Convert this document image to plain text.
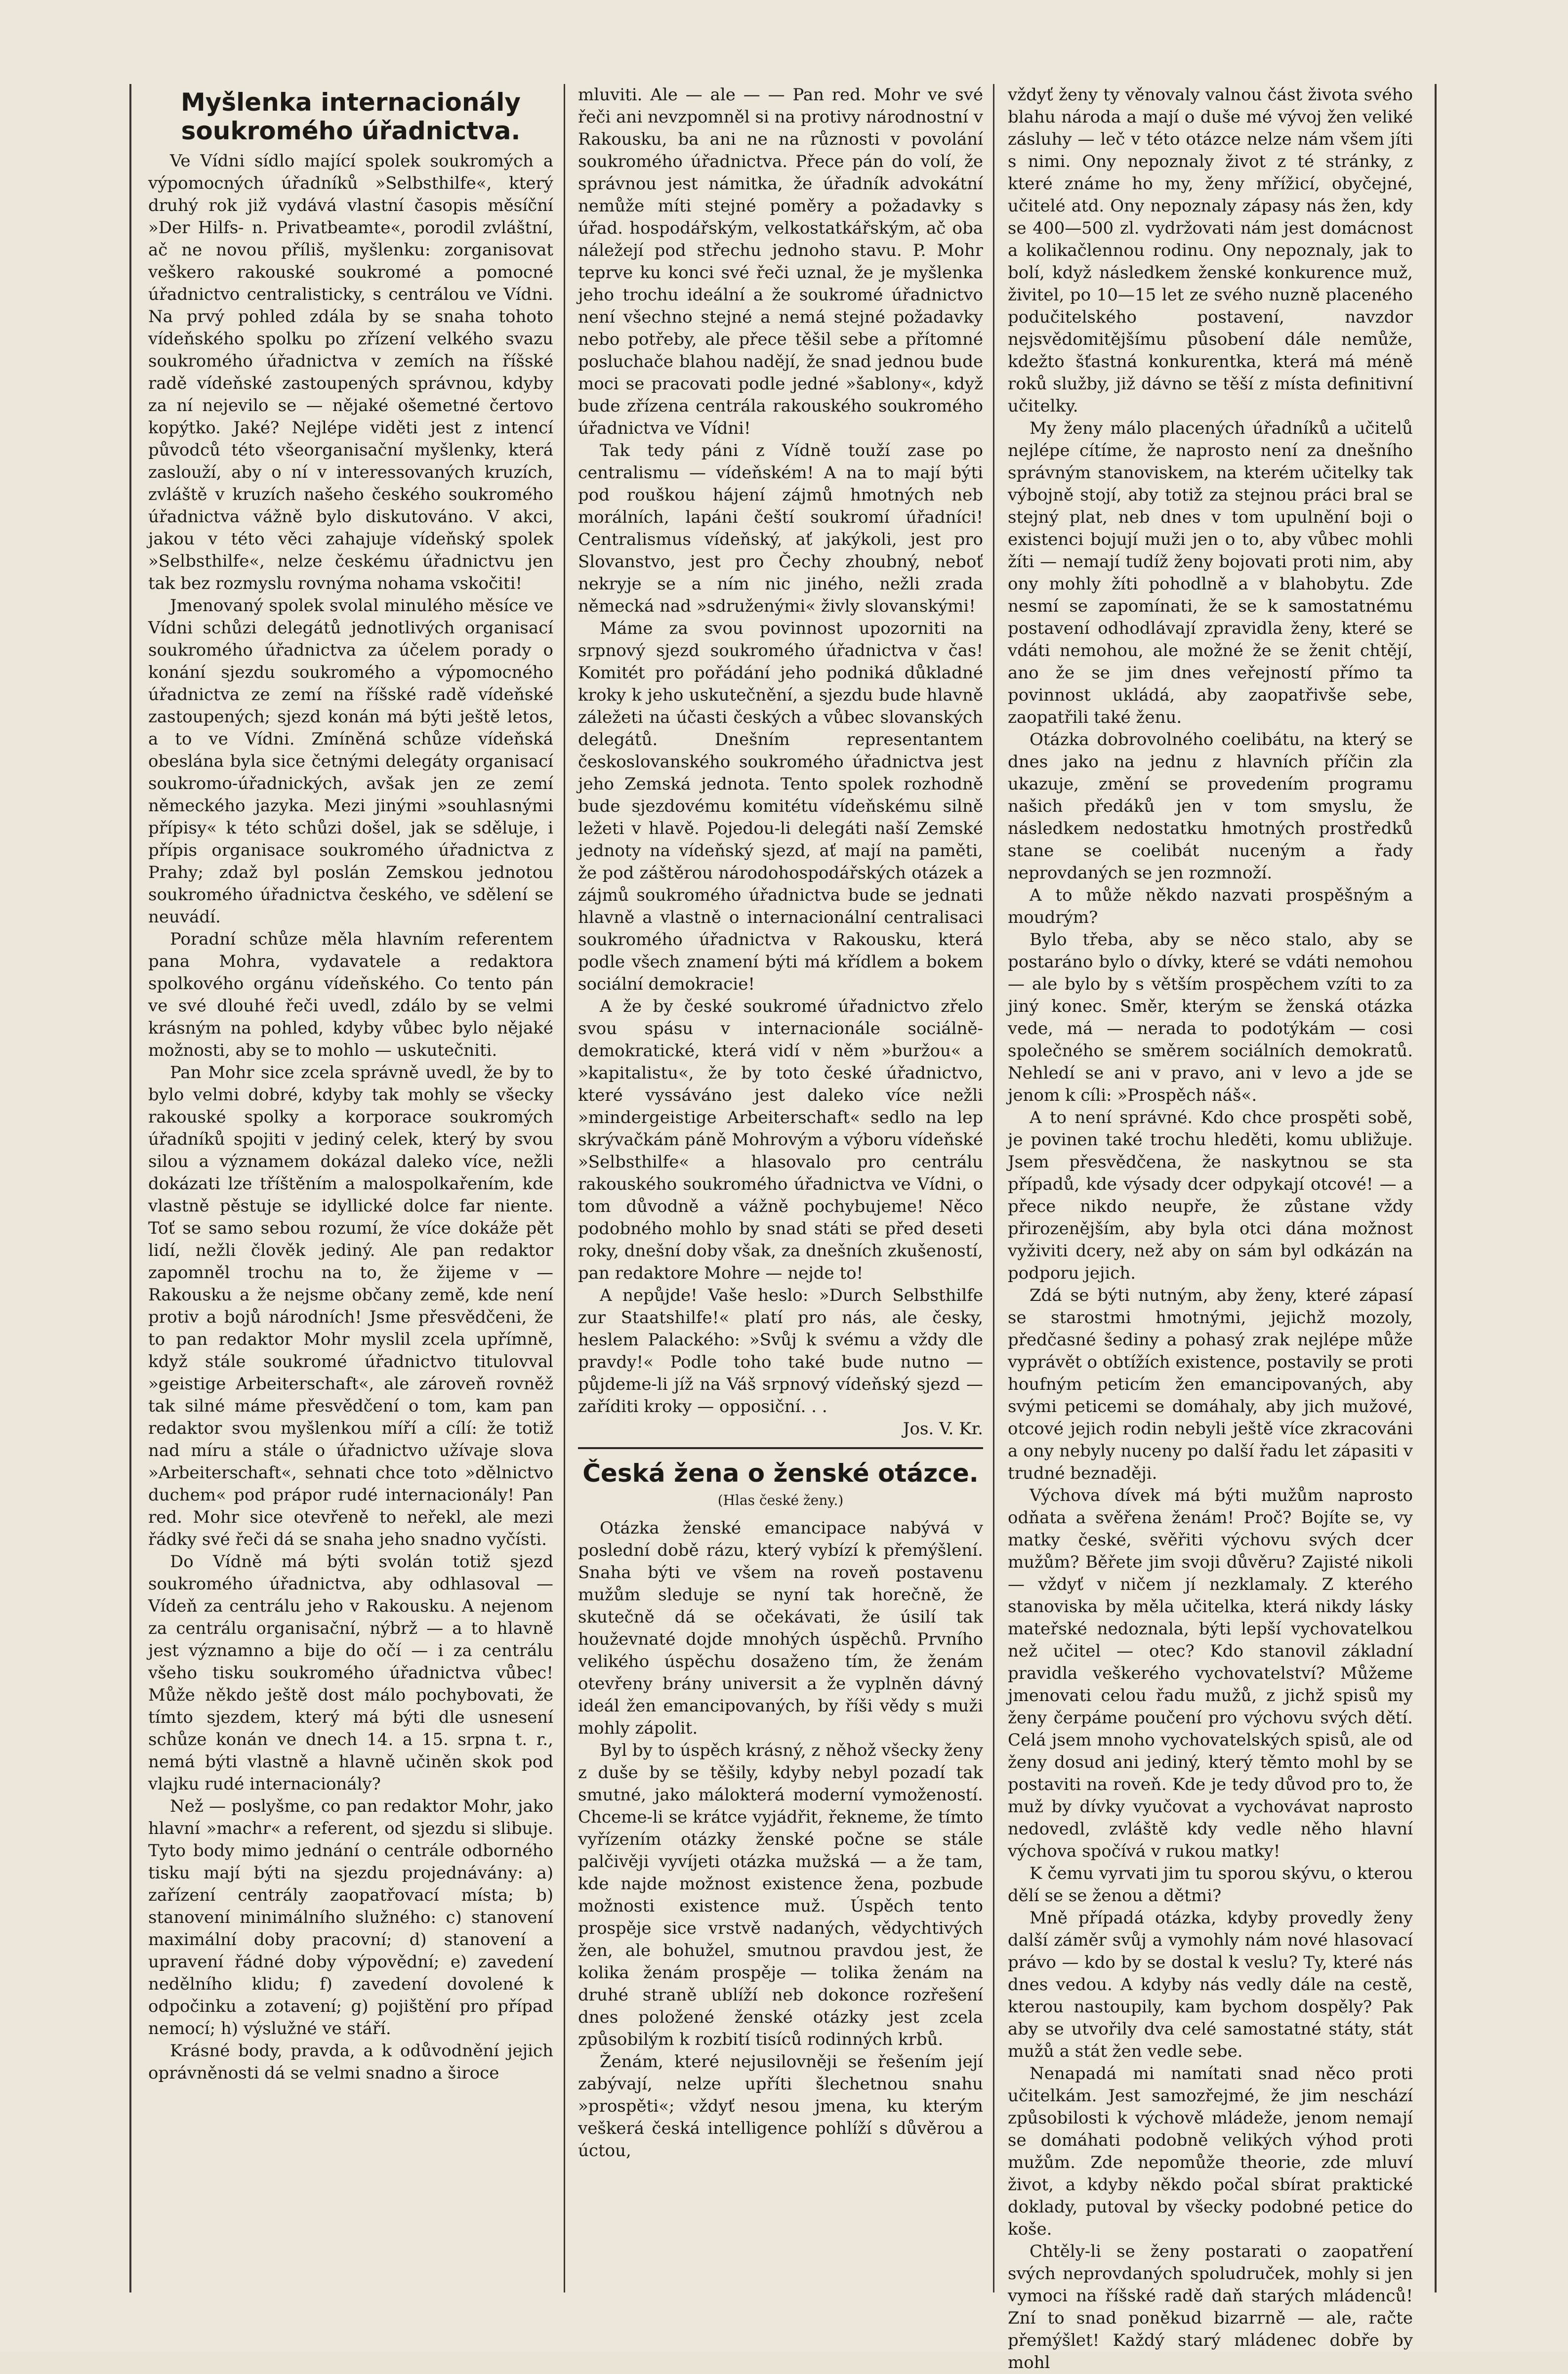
Myšlenka internacionály soukromého úřadnictva.

Ve Vídni sídlo mající spolek soukromých a výpomocných úřadníků »Selbsthilfe«, který druhý rok již vydává vlastní časopis měsíční »Der Hilfs- n. Privatbeamte«, porodil zvláštní, ač ne novou příliš, myšlenku: zorganisovat veškero rakouské soukromé a pomocné úřadnictvo centralisticky, s centrálou ve Vídni. Na prvý pohled zdála by se snaha tohoto vídeňského spolku po zřízení velkého svazu soukromého úřadnictva v zemích na říšské radě vídeňské zastoupených správnou, kdyby za ní nejevilo se — nějaké ošemetné čertovo kopýtko. Jaké? Nejlépe viděti jest z intencí původců této všeorganisační myšlenky, která zaslouží, aby o ní v interessovaných kruzích, zvláště v kruzích našeho českého soukromého úřadnictva vážně bylo diskutováno. V akci, jakou v této věci zahajuje vídeňský spolek »Selbsthilfe«, nelze českému úřadnictvu jen tak bez rozmyslu rovnýma nohama vskočiti!

Jmenovaný spolek svolal minulého měsíce ve Vídni schůzi delegátů jednotlivých organisací soukromého úřadnictva za účelem porady o konání sjezdu soukromého a výpomocného úřadnictva ze zemí na říšské radě vídeňské zastoupených; sjezd konán má býti ještě letos, a to ve Vídni. Zmíněná schůze vídeňská obeslána byla sice četnými delegáty organisací soukromo-úřadnických, avšak jen ze zemí německého jazyka. Mezi jinými »souhlasnými přípisy« k této schůzi došel, jak se sděluje, i přípis organisace soukromého úřadnictva z Prahy; zdaž byl poslán Zemskou jednotou soukromého úřadnictva českého, ve sdělení se neuvádí.

Poradní schůze měla hlavním referentem pana Mohra, vydavatele a redaktora spolkového orgánu vídeňského. Co tento pán ve své dlouhé řeči uvedl, zdálo by se velmi krásným na pohled, kdyby vůbec bylo nějaké možnosti, aby se to mohlo — uskutečniti.

Pan Mohr sice zcela správně uvedl, že by to bylo velmi dobré, kdyby tak mohly se všecky rakouské spolky a korporace soukromých úřadníků spojiti v jediný celek, který by svou silou a významem dokázal daleko více, nežli dokázati lze tříštěním a malospolkařením, kde vlastně pěstuje se idyllické dolce far niente. Toť se samo sebou rozumí, že více dokáže pět lidí, nežli člověk jediný. Ale pan redaktor zapomněl trochu na to, že žijeme v — Rakousku a že nejsme občany země, kde není protiv a bojů národních! Jsme přesvědčeni, že to pan redaktor Mohr myslil zcela upřímně, když stále soukromé úřadnictvo titulovval »geistige Arbeiterschaft«, ale zároveň rovněž tak silné máme přesvědčení o tom, kam pan redaktor svou myšlenkou míří a cílí: že totiž nad míru a stále o úřadnictvo užívaje slova »Arbeiterschaft«, sehnati chce toto »dělnictvo duchem« pod prápor rudé internacionály! Pan red. Mohr sice otevřeně to neřekl, ale mezi řádky své řeči dá se snaha jeho snadno vyčísti.

Do Vídně má býti svolán totiž sjezd soukromého úřadnictva, aby odhlasoval — Vídeň za centrálu jeho v Rakousku. A nejenom za centrálu organisační, nýbrž — a to hlavně jest významno a bije do očí — i za centrálu všeho tisku soukromého úřadnictva vůbec! Může někdo ještě dost málo pochybovati, že tímto sjezdem, který má býti dle usnesení schůze konán ve dnech 14. a 15. srpna t. r., nemá býti vlastně a hlavně učiněn skok pod vlajku rudé internacionály?

Než — poslyšme, co pan redaktor Mohr, jako hlavní »machr« a referent, od sjezdu si slibuje. Tyto body mimo jednání o centrále odborného tisku mají býti na sjezdu projednávány: a) zařízení centrály zaopatřovací místa; b) stanovení minimálního služného: c) stanovení maximální doby pracovní; d) stanovení a upravení řádné doby výpovědní; e) zavedení nedělního klidu; f) zavedení dovolené k odpočinku a zotavení; g) pojištění pro případ nemocí; h) výslužné ve stáří.

Krásné body, pravda, a k odůvodnění jejich oprávněnosti dá se velmi snadno a široce

mluviti. Ale — ale — — Pan red. Mohr ve své řeči ani nevzpomněl si na protivy národnostní v Rakousku, ba ani ne na různosti v povolání soukromého úřadnictva. Přece pán do volí, že správnou jest námitka, že úřadník advokátní nemůže míti stejné poměry a požadavky s úřad. hospodářským, velkostatkářským, ač oba náležejí pod střechu jednoho stavu. P. Mohr teprve ku konci své řeči uznal, že je myšlenka jeho trochu ideální a že soukromé úřadnictvo není všechno stejné a nemá stejné požadavky nebo potřeby, ale přece těšil sebe a přítomné posluchače blahou nadějí, že snad jednou bude moci se pracovati podle jedné »šablony«, když bude zřízena centrála rakouského soukromého úřadnictva ve Vídni!

Tak tedy páni z Vídně touží zase po centralismu — vídeňském! A na to mají býti pod rouškou hájení zájmů hmotných neb morálních, lapáni čeští soukromí úřadníci! Centralismus vídeňský, ať jakýkoli, jest pro Slovanstvo, jest pro Čechy zhoubný, neboť nekryje se a ním nic jiného, nežli zrada německá nad »sdruženými« živly slovanskými!

Máme za svou povinnost upozorniti na srpnový sjezd soukromého úřadnictva v čas! Komitét pro pořádání jeho podniká důkladné kroky k jeho uskutečnění, a sjezdu bude hlavně záležeti na účasti českých a vůbec slovanských delegátů. Dnešním representantem českoslovanského soukromého úřadnictva jest jeho Zemská jednota. Tento spolek rozhodně bude sjezdovému komitétu vídeňskému silně ležeti v hlavě. Pojedou-li delegáti naší Zemské jednoty na vídeňský sjezd, ať mají na paměti, že pod záštěrou národohospodářských otázek a zájmů soukromého úřadnictva bude se jednati hlavně a vlastně o internacionální centralisaci soukromého úřadnictva v Rakousku, která podle všech znamení býti má křídlem a bokem sociální demokracie!

A že by české soukromé úřadnictvo zřelo svou spásu v internacionále sociálně-demokratické, která vidí v něm »buržou« a »kapitalistu«, že by toto české úřadnictvo, které vyssáváno jest daleko více nežli »mindergeistige Arbeiterschaft« sedlo na lep skrývačkám páně Mohrovým a výboru vídeňské »Selbsthilfe« a hlasovalo pro centrálu rakouského soukromého úřadnictva ve Vídni, o tom důvodně a vážně pochybujeme! Něco podobného mohlo by snad státi se před deseti roky, dnešní doby však, za dnešních zkušeností, pan redaktore Mohre — nejde to!

A nepůjde! Vaše heslo: »Durch Selbsthilfe zur Staatshilfe!« platí pro nás, ale česky, heslem Palackého: »Svůj k svému a vždy dle pravdy!« Podle toho také bude nutno — půjdeme-li jíž na Váš srpnový vídeňský sjezd — zaříditi kroky — opposiční. . .

Jos. V. Kr.
Česká žena o ženské otázce.
(Hlas české ženy.)

Otázka ženské emancipace nabývá v poslední době rázu, který vybízí k přemýšlení. Snaha býti ve všem na roveň postavenu mužům sleduje se nyní tak horečně, že skutečně dá se očekávati, že úsilí tak houževnaté dojde mnohých úspěchů. Prvního velikého úspěchu dosaženo tím, že ženám otevřeny brány universit a že vyplněn dávný ideál žen emancipovaných, by říši vědy s muži mohly zápolit.

Byl by to úspěch krásný, z něhož všecky ženy z duše by se těšily, kdyby nebyl pozadí tak smutné, jako málokterá moderní vymožeností. Chceme-li se krátce vyjádřit, řekneme, že tímto vyřízením otázky ženské počne se stále palčivěji vyvíjeti otázka mužská — a že tam, kde najde možnost existence žena, pozbude možnosti existence muž. Úspěch tento prospěje sice vrstvě nadaných, vědychtivých žen, ale bohužel, smutnou pravdou jest, že kolika ženám prospěje — tolika ženám na druhé straně ublíží neb dokonce rozřešení dnes položené ženské otázky jest zcela způsobilým k rozbití tisíců rodinných krbů.

Ženám, které nejusilovněji se řešením její zabývají, nelze upříti šlechetnou snahu »prospěti«; vždyť nesou jmena, ku kterým veškerá česká intelligence pohlíží s důvěrou a úctou,

vždyť ženy ty věnovaly valnou část života svého blahu národa a mají o duše mé vývoj žen veliké zásluhy — leč v této otázce nelze nám všem jíti s nimi. Ony nepoznaly život z té stránky, z které známe ho my, ženy mřížicí, obyčejné, učitelé atd. Ony nepoznaly zápasy nás žen, kdy se 400—500 zl. vydržovati nám jest domácnost a kolikačlennou rodinu. Ony nepoznaly, jak to bolí, když následkem ženské konkurence muž, živitel, po 10—15 let ze svého nuzně placeného podučitelského postavení, navzdor nejsvědomitějšímu působení dále nemůže, kdežto šťastná konkurentka, která má méně roků služby, již dávno se těší z místa definitivní učitelky.

My ženy málo placených úřadníků a učitelů nejlépe cítíme, že naprosto není za dnešního správným stanoviskem, na kterém učitelky tak výbojně stojí, aby totiž za stejnou práci bral se stejný plat, neb dnes v tom upulnění boji o existenci bojují muži jen o to, aby vůbec mohli žíti — nemají tudíž ženy bojovati proti nim, aby ony mohly žíti pohodlně a v blahobytu. Zde nesmí se zapomínati, že se k samostatnému postavení odhodlávají zpravidla ženy, které se vdáti nemohou, ale možné že se ženit chtějí, ano že se jim dnes veřejností přímo ta povinnost ukládá, aby zaopatřivše sebe, zaopatřili také ženu.

Otázka dobrovolného coelibátu, na který se dnes jako na jednu z hlavních příčin zla ukazuje, změní se provedením programu našich předáků jen v tom smyslu, že následkem nedostatku hmotných prostředků stane se coelibát nuceným a řady neprovdaných se jen rozmnoží.

A to může někdo nazvati prospěšným a moudrým?

Bylo třeba, aby se něco stalo, aby se postaráno bylo o dívky, které se vdáti nemohou — ale bylo by s větším prospěchem vzíti to za jiný konec. Směr, kterým se ženská otázka vede, má — nerada to podotýkám — cosi společného se směrem sociálních demokratů. Nehledí se ani v pravo, ani v levo a jde se jenom k cíli: »Prospěch náš«.

A to není správné. Kdo chce prospěti sobě, je povinen také trochu hleděti, komu ubližuje. Jsem přesvědčena, že naskytnou se sta případů, kde výsady dcer odpykají otcové! — a přece nikdo neupře, že zůstane vždy přirozenějším, aby byla otci dána možnost vyživiti dcery, než aby on sám byl odkázán na podporu jejich.

Zdá se býti nutným, aby ženy, které zápasí se starostmi hmotnými, jejichž mozoly, předčasné šediny a pohasý zrak nejlépe může vyprávět o obtížích existence, postavily se proti houfným peticím žen emancipovaných, aby svými peticemi se domáhaly, aby jich mužové, otcové jejich rodin nebyli ještě více zkracováni a ony nebyly nuceny po další řadu let zápasiti v trudné beznaději.

Výchova dívek má býti mužům naprosto odňata a svěřena ženám! Proč? Bojíte se, vy matky české, svěřiti výchovu svých dcer mužům? Běřete jim svoji důvěru? Zajisté nikoli — vždyť v ničem jí nezklamaly. Z kterého stanoviska by měla učitelka, která nikdy lásky mateřské nedoznala, býti lepší vychovatelkou než učitel — otec? Kdo stanovil základní pravidla veškerého vychovatelství? Můžeme jmenovati celou řadu mužů, z jichž spisů my ženy čerpáme poučení pro výchovu svých dětí. Celá jsem mnoho vychovatelských spisů, ale od ženy dosud ani jediný, který těmto mohl by se postaviti na roveň. Kde je tedy důvod pro to, že muž by dívky vyučovat a vychovávat naprosto nedovedl, zvláště kdy vedle něho hlavní výchova spočívá v rukou matky!

K čemu vyrvati jim tu sporou skývu, o kterou dělí se se ženou a dětmi?

Mně případá otázka, kdyby provedly ženy další záměr svůj a vymohly nám nové hlasovací právo — kdo by se dostal k veslu? Ty, které nás dnes vedou. A kdyby nás vedly dále na cestě, kterou nastoupily, kam bychom dospěly? Pak aby se utvořily dva celé samostatné státy, stát mužů a stát žen vedle sebe.

Nenapadá mi namítati snad něco proti učitelkám. Jest samozřejmé, že jim neschází způsobilosti k výchově mládeže, jenom nemají se domáhati podobně velikých výhod proti mužům. Zde nepomůže theorie, zde mluví život, a kdyby někdo počal sbírat praktické doklady, putoval by všecky podobné petice do koše.

Chtěly-li se ženy postarati o zaopatření svých neprovdaných spoludruček, mohly si jen vymoci na říšské radě daň starých mládenců! Zní to snad poněkud bizarrně — ale, račte přemýšlet! Každý starý mládenec dobře by mohl
